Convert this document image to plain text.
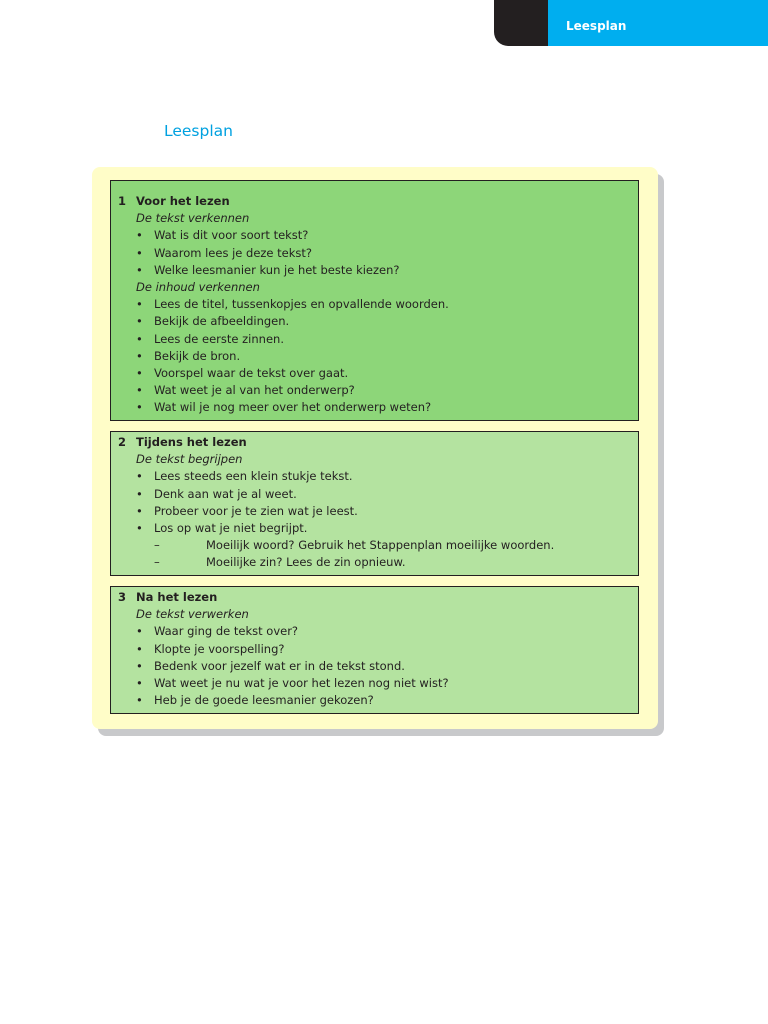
Leesplan
Leesplan
1 Voor het lezen
De tekst verkennen
• Wat is dit voor soort tekst?
• Waarom lees je deze tekst?
• Welke leesmanier kun je het beste kiezen?
De inhoud verkennen
• Lees de titel, tussenkopjes en opvallende woorden.
• Bekijk de afbeeldingen.
• Lees de eerste zinnen.
• Bekijk de bron.
• Voorspel waar de tekst over gaat.
• Wat weet je al van het onderwerp?
• Wat wil je nog meer over het onderwerp weten?
2 Tijdens het lezen
De tekst begrijpen
• Lees steeds een klein stukje tekst.
• Denk aan wat je al weet.
• Probeer voor je te zien wat je leest.
• Los op wat je niet begrijpt.
–	Moeilijk woord? Gebruik het Stappenplan moeilijke woorden.
–	Moeilijke zin? Lees de zin opnieuw.
3 Na het lezen
De tekst verwerken
• Waar ging de tekst over?
• Klopte je voorspelling?
• Bedenk voor jezelf wat er in de tekst stond.
• Wat weet je nu wat je voor het lezen nog niet wist?
• Heb je de goede leesmanier gekozen?
